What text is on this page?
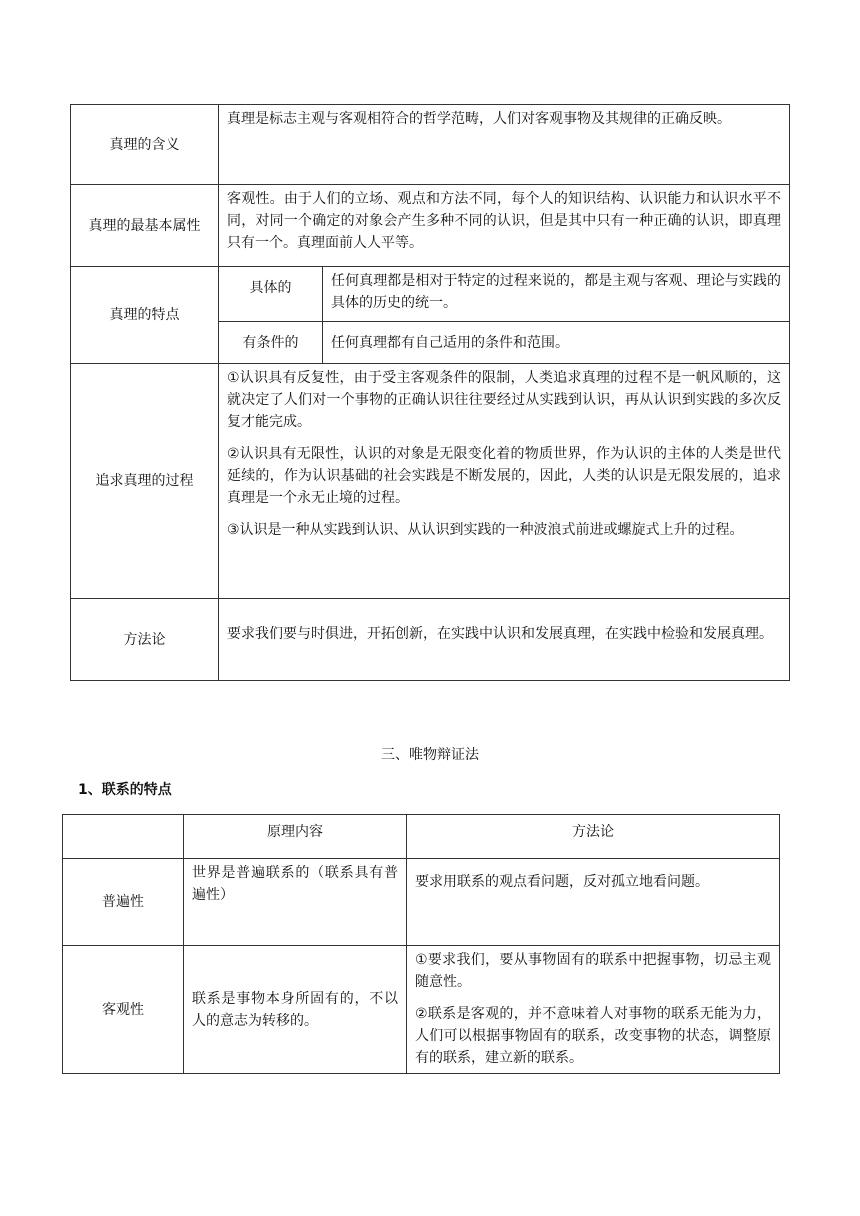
真理的含义	真理是标志主观与客观相符合的哲学范畴，人们对客观事物及其规律的正确反映。	
真理的最基本属性	客观性。由于人们的立场、观点和方法不同，每个人的知识结构、认识能力和认识水平不同，对同一个确定的对象会产生多种不同的认识，但是其中只有一种正确的认识，即真理只有一个。真理面前人人平等。	
真理的特点	具体的	任何真理都是相对于特定的过程来说的，都是主观与客观、理论与实践的具体的历史的统一。
	有条件的	任何真理都有自己适用的条件和范围。
追求真理的过程	①认识具有反复性，由于受主客观条件的限制，人类追求真理的过程不是一帆风顺的，这就决定了人们对一个事物的正确认识往往要经过从实践到认识，再从认识到实践的多次反复才能完成。

②认识具有无限性，认识的对象是无限变化着的物质世界，作为认识的主体的人类是世代延续的，作为认识基础的社会实践是不断发展的，因此，人类的认识是无限发展的，追求真理是一个永无止境的过程。

③认识是一种从实践到认识、从认识到实践的一种波浪式前进或螺旋式上升的过程。	

方法论	要求我们要与时俱进，开拓创新，在实践中认识和发展真理，在实践中检验和发展真理。	
三、唯物辩证法
1、联系的特点
	原理内容	方法论
普遍性	世界是普遍联系的（联系具有普遍性）	要求用联系的观点看问题，反对孤立地看问题。

客观性	联系是事物本身所固有的，不以人的意志为转移的。	①要求我们，要从事物固有的联系中把握事物，切忌主观随意性。

②联系是客观的，并不意味着人对事物的联系无能为力，人们可以根据事物固有的联系，改变事物的状态，调整原有的联系，建立新的联系。
